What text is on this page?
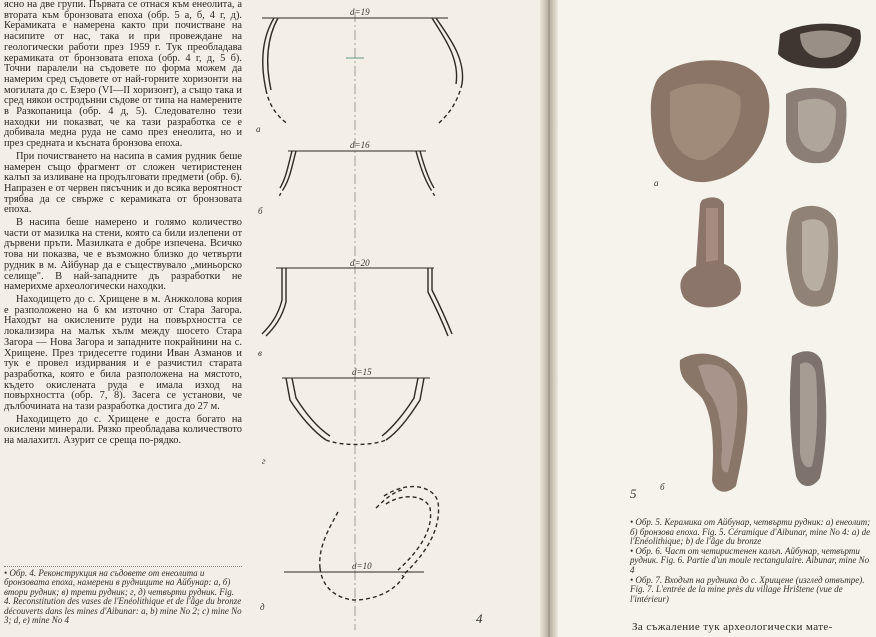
ясно на две групи. Първата се отнася към енеолита, а втората към бронзовата епоха (обр. 5 а, б, 4 г, д). Керамиката е намерена както при почистване на насипите от нас, така и при провеждане на геологически работи през 1959 г. Тук преобладава керамиката от бронзовата епоха (обр. 4 г, д, 5 б). Точни паралели на съдовете по форма можем да намерим сред съдовете от най-горните хоризонти на могилата до с. Езеро (VI—II хоризонт), а също така и сред някои остродънни съдове от типа на намерените в Разкопаница (обр. 4 д, 5). Следователно тези находки ни показват, че ка тази разработка се е добивала медна руда не само през енеолита, но и през средната и късната бронзова епоха.

При почистването на насипа в самия рудник беше намерен също фрагмент от сложен четиристенен калъп за изливане на продълговати предмети (обр. 6). Напразен е от червен пясъчник и до всяка вероятност трябва да се свърже с керамиката от бронзовата епоха.

В насипа беше намерено и голямо количество части от мазилка на стени, която са били излепени от дървени пръти. Мазилката е добре изпечена. Всичко това ни показва, че е възможно близко до четвърти рудник в м. Айбунар да е съществувало „миньорско селище". В най-западните дъ разработки не намерихме археологически находки.

Находището до с. Хрищене в м. Анжколова кория е разположено на 6 км източно от Стара Загора. Находът на окислените руди на повърхността се локализира на малък хълм между шосето Стара Загора — Нова Загора и западните покрайнини на с. Хрищене. През тридесетте години Иван Азманов и тук е провел издирвания и е разчистил старата разработка, която е била разположена на мястото, където окислената руда е имала изход на повърхността (обр. 7, 8). Засега се установи, че дълбочината на тази разработка достига до 27 м.

Находището до с. Хрищене е доста богато на окислени минерали. Рязко преобладава количеството на малахитл. Азурит се среща по-рядко.

• Обр. 4. Реконструкция на съдовете от енеолита и бронзовата епоха, намерени в рудниците на Айбунар: а, б) втори рудник; в) трети рудник; г, д) четвърти рудник. Fig. 4. Reconstitution des vases de l'Enéolithique et de l'âge du bronze découverts dans les mines d'Aibunar: a, b) mine No 2; c) mine No 3; d, e) mine No 4
d=19
а
d=16
б
d=20
в
d=15
г
d=10
д
4
а
б
5

• Обр. 5. Керамика от Айбунар, четвърти рудник: а) енеолит; б) бронзова епоха. Fig. 5. Céramique d'Aibunar, mine No 4: a) de l'Enéolithique; b) de l'âge du bronze

• Обр. 6. Част от четиристенен калъп. Айбунар, четвърти рудник. Fig. 6. Partie d'un moule rectangulaire. Aibunar, mine No 4

• Обр. 7. Входът на рудника до с. Хрищене (изглед отвътре). Fig. 7. L'entrée de la mine près du village Hrištene (vue de l'intérieur)

За съжаление тук археологически мате-
